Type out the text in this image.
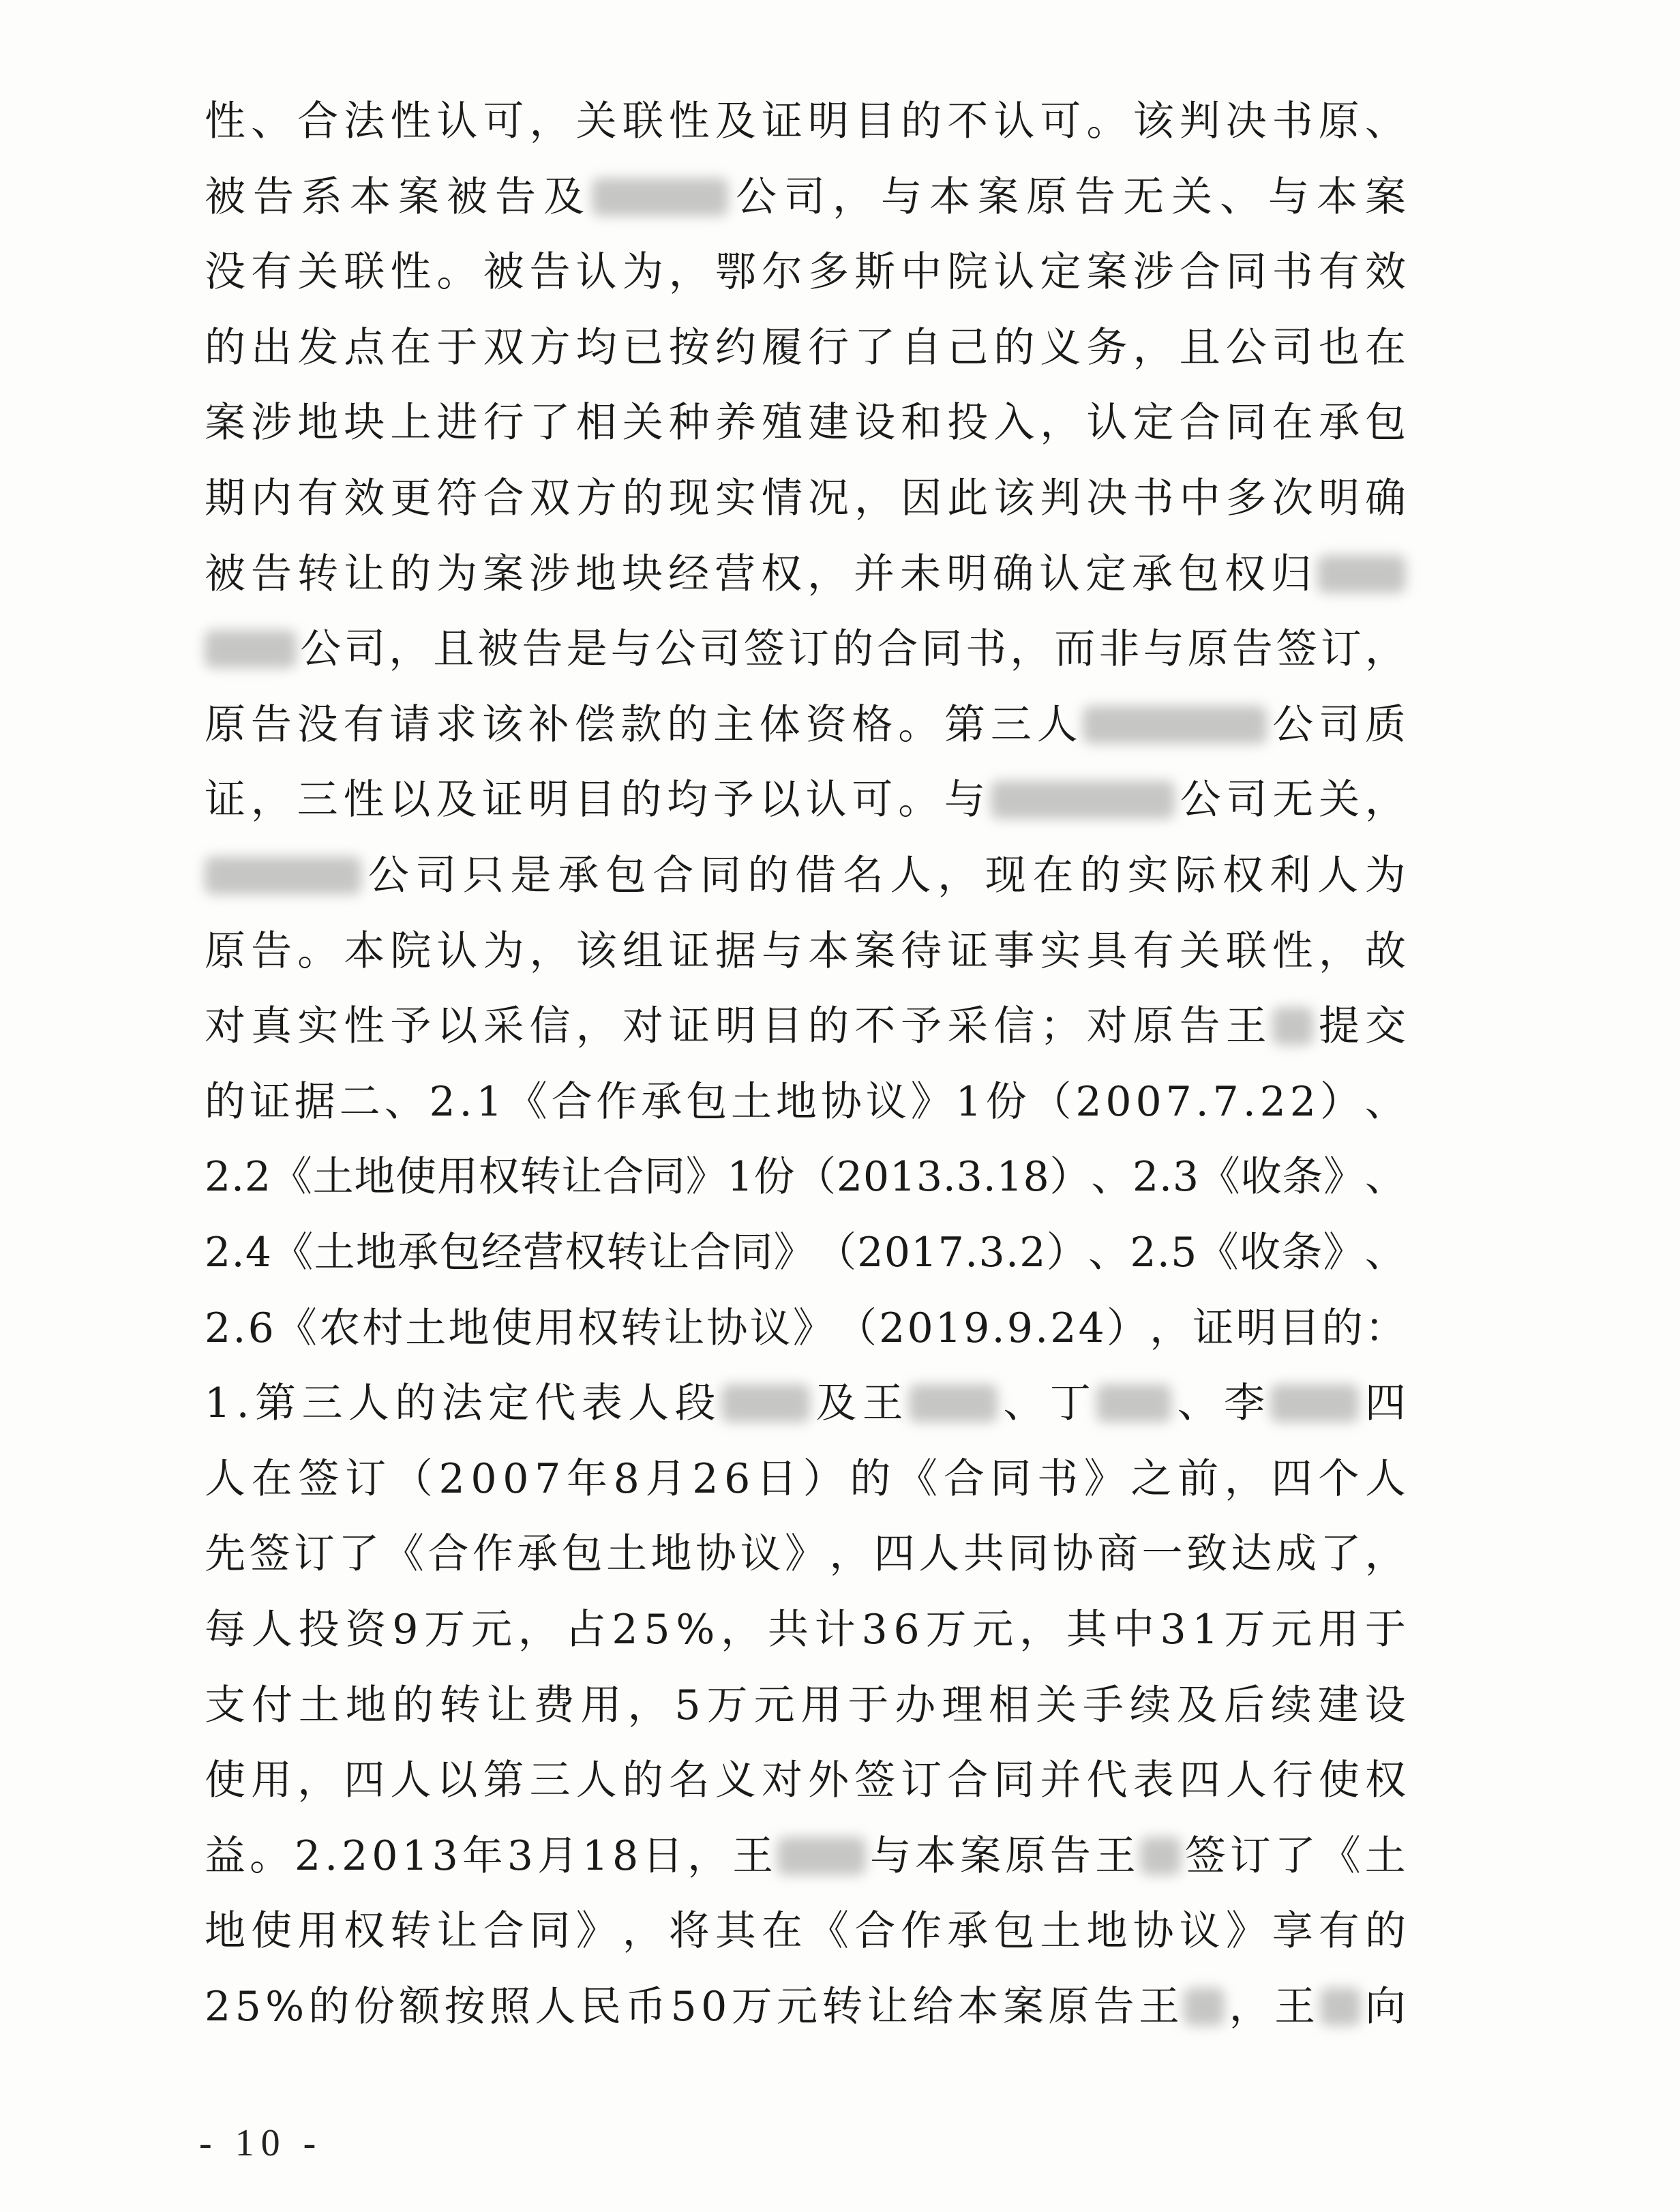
性 、 合 法 性 认 可 ， 关 联 性 及 证 明 目 的 不 认 可 。 该 判 决 书 原 、
被 告 系 本 案 被 告 及	公 司 ， 与 本 案 原 告 无 关 、 与 本 案
没 有 关 联 性 。 被 告 认 为 ， 鄂 尔 多 斯 中 院 认 定 案 涉 合 同 书 有 效
的 出 发 点 在 于 双 方 均 已 按 约 履 行 了 自 己 的 义 务 ， 且 公 司 也 在
案 涉 地 块 上 进 行 了 相 关 种 养 殖 建 设 和 投 入 ， 认 定 合 同 在 承 包
期 内 有 效 更 符 合 双 方 的 现 实 情 况 ， 因 此 该 判 决 书 中 多 次 明 确
被 告 转 让 的 为 案 涉 地 块 经 营 权 ， 并 未 明 确 认 定 承 包 权 归
公 司 ， 且 被 告 是 与 公 司 签 订 的 合 同 书 ， 而 非 与 原 告 签 订 ，
原 告 没 有 请 求 该 补 偿 款 的 主 体 资 格 。 第 三 人	公 司 质
证 ， 三 性 以 及 证 明 目 的 均 予 以 认 可 。 与	公 司 无 关 ，
公 司 只 是 承 包 合 同 的 借 名 人 ， 现 在 的 实 际 权 利 人 为
原 告 。 本 院 认 为 ， 该 组 证 据 与 本 案 待 证 事 实 具 有 关 联 性 ， 故
对 真 实 性 予 以 采 信 ， 对 证 明 目 的 不 予 采 信 ； 对 原 告 王 提 交
的 证 据 二 、 2 . 1 《 合 作 承 包 土 地 协 议 》 1 份 （ 2 0 0 7 . 7 . 2 2 ） 、
2 . 2 《 土 地 使 用 权 转 让 合 同 》 1 份 （ 2 0 1 3 . 3 . 1 8 ） 、 2 . 3 《 收 条 》 、
2 . 4 《 土 地 承 包 经 营 权 转 让 合 同 》 （ 2 0 1 7 . 3 . 2 ） 、 2 . 5 《 收 条 》 、
2 . 6 《 农 村 土 地 使 用 权 转 让 协 议 》 （ 2 0 1 9 . 9 . 2 4 ） ， 证 明 目 的 ：
1 . 第 三 人 的 法 定 代 表 人 段 及 王 、 丁 、 李 四
人 在 签 订 （ 2 0 0 7 年 8 月 2 6 日 ） 的 《 合 同 书 》 之 前 ， 四 个 人
先 签 订 了 《 合 作 承 包 土 地 协 议 》 ， 四 人 共 同 协 商 一 致 达 成 了 ，
每 人 投 资 9 万 元 ， 占 2 5 % ， 共 计 3 6 万 元 ， 其 中 3 1 万 元 用 于
支 付 土 地 的 转 让 费 用 ， 5 万 元 用 于 办 理 相 关 手 续 及 后 续 建 设
使 用 ， 四 人 以 第 三 人 的 名 义 对 外 签 订 合 同 并 代 表 四 人 行 使 权
益 。 2 . 2 0 1 3 年 3 月 1 8 日 ， 王 与 本 案 原 告 王 签 订 了 《 土
地 使 用 权 转 让 合 同 》 ， 将 其 在 《 合 作 承 包 土 地 协 议 》 享 有 的
2 5 % 的 份 额 按 照 人 民 币 5 0 万 元 转 让 给 本 案 原 告 王 ， 王 向
- 10 -
